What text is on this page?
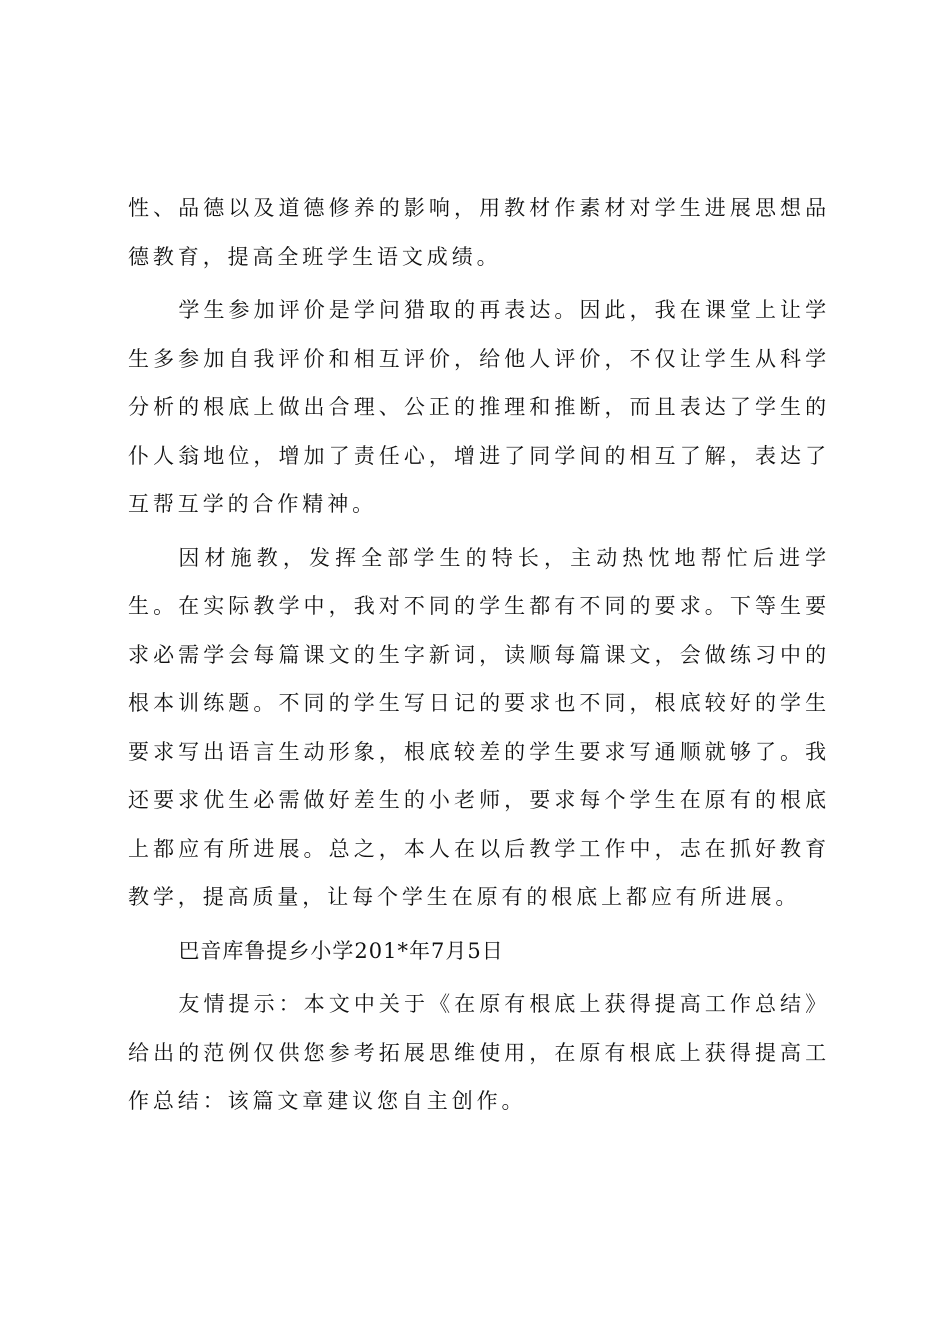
性、品德以及道德修养的影响，用教材作素材对学生进展思想品德教育，提高全班学生语文成绩。

学生参加评价是学问猎取的再表达。因此，我在课堂上让学生多参加自我评价和相互评价，给他人评价，不仅让学生从科学分析的根底上做出合理、公正的推理和推断，而且表达了学生的仆人翁地位，增加了责任心，增进了同学间的相互了解，表达了互帮互学的合作精神。

因材施教，发挥全部学生的特长，主动热忱地帮忙后进学生。在实际教学中，我对不同的学生都有不同的要求。下等生要求必需学会每篇课文的生字新词，读顺每篇课文，会做练习中的根本训练题。不同的学生写日记的要求也不同，根底较好的学生要求写出语言生动形象，根底较差的学生要求写通顺就够了。我还要求优生必需做好差生的小老师，要求每个学生在原有的根底上都应有所进展。总之，本人在以后教学工作中，志在抓好教育教学，提高质量，让每个学生在原有的根底上都应有所进展。

巴音库鲁提乡小学201*年7月5日

友情提示：本文中关于《在原有根底上获得提高工作总结》给出的范例仅供您参考拓展思维使用，在原有根底上获得提高工作总结：该篇文章建议您自主创作。
